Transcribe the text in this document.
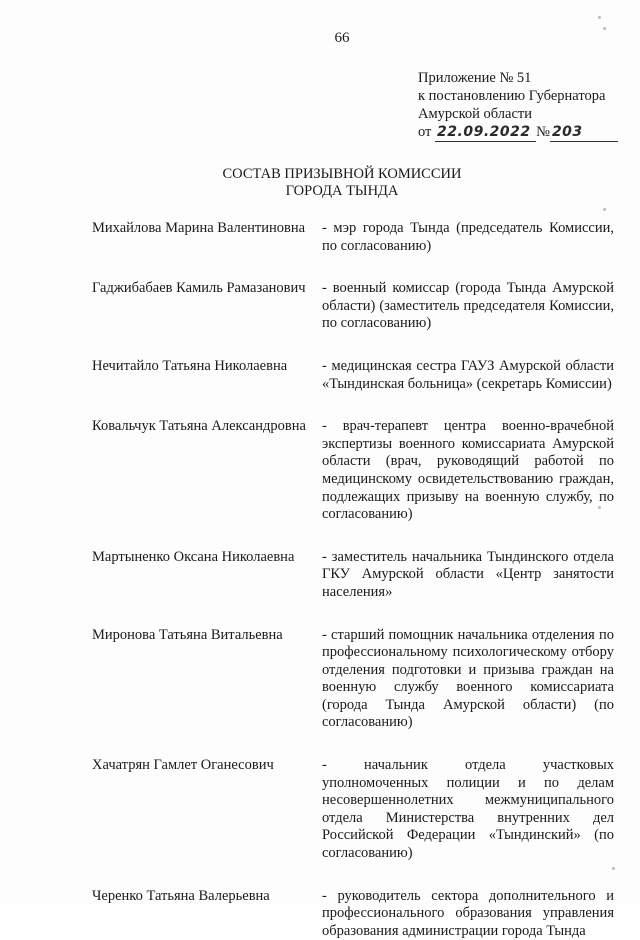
66
Приложение № 51
к постановлению Губернатора
Амурской области
от
22.09.2022 № 203
СОСТАВ ПРИЗЫВНОЙ КОМИССИИ
ГОРОДА ТЫНДА
Михайлова Марина Валентиновна	- мэр города Тында (председатель Комиссии, по согласованию)
Гаджибабаев Камиль Рамазанович	- военный комиссар (города Тында Амурской области) (заместитель председателя Комиссии, по согласованию)
Нечитайло Татьяна Николаевна	- медицинская сестра ГАУЗ Амурской области «Тындинская больница» (секретарь Комиссии)
Ковальчук Татьяна Александровна	- врач-терапевт центра военно-врачебной экспертизы военного комиссариата Амурской области (врач, руководящий работой по медицинскому освидетельствованию граждан, подлежащих призыву на военную службу, по согласованию)
Мартыненко Оксана Николаевна	- заместитель начальника Тындинского отдела ГКУ Амурской области «Центр занятости населения»
Миронова Татьяна Витальевна	- старший помощник начальника отделения по профессиональному психологическому отбору отделения подготовки и призыва граждан на военную службу военного комиссариата (города Тында Амурской области) (по согласованию)
Хачатрян Гамлет Оганесович	- начальник отдела участковых уполномоченных полиции и по делам несовершеннолетних межмуниципального отдела Министерства внутренних дел Российской Федерации «Тындинский» (по согласованию)
Черенко Татьяна Валерьевна	- руководитель сектора дополнительного и профессионального образования управления образования администрации города Тында
